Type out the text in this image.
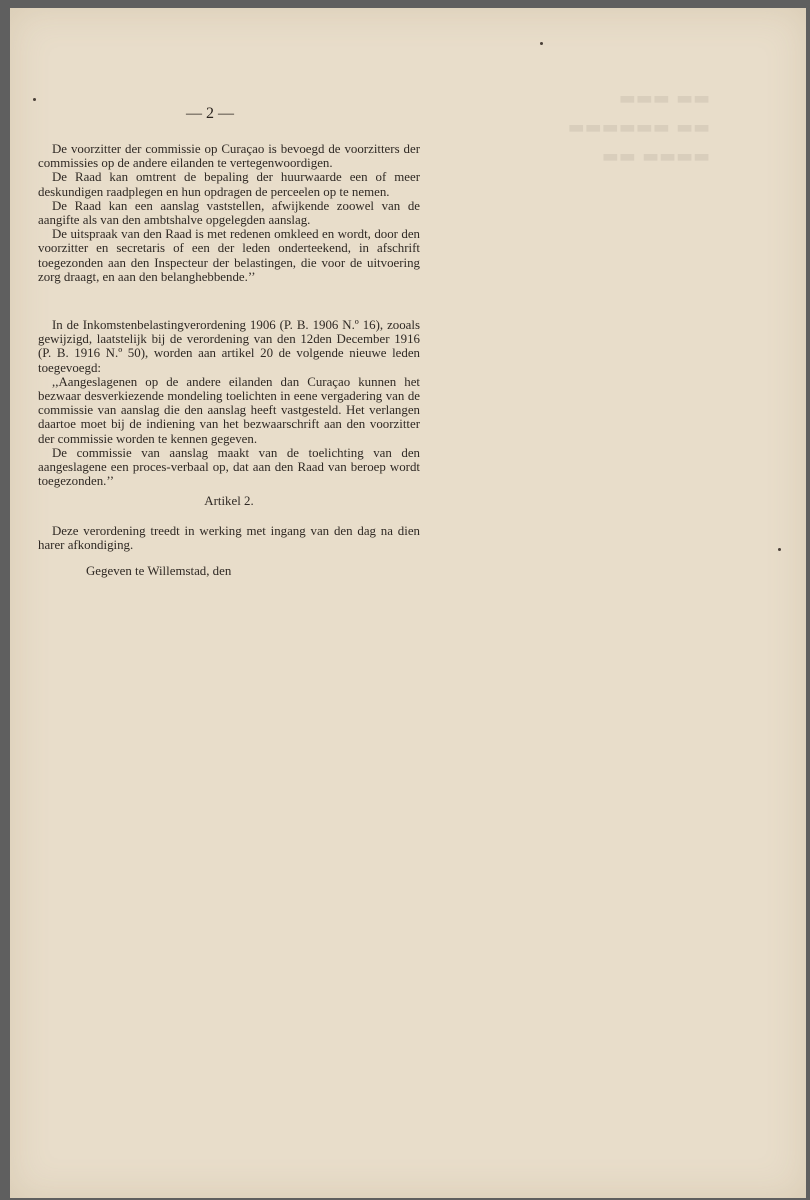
▬▬▬ ▬▬
▬▬▬▬▬▬ ▬▬
▬▬ ▬▬▬▬
— 2 —

De voorzitter der commissie op Curaçao is bevoegd de voorzitters der commissies op de andere eilanden te vertegenwoordigen.

De Raad kan omtrent de bepaling der huurwaarde een of meer deskundigen raadplegen en hun opdragen de perceelen op te nemen.

De Raad kan een aanslag vaststellen, afwijkende zoowel van de aangifte als van den ambtshalve opgelegden aanslag.

De uitspraak van den Raad is met redenen omkleed en wordt, door den voorzitter en secretaris of een der leden onderteekend, in afschrift toegezonden aan den Inspecteur der belastingen, die voor de uitvoering zorg draagt, en aan den belanghebbende.’’

In de Inkomstenbelastingverordening 1906 (P. B. 1906 N.º 16), zooals gewijzigd, laatstelijk bij de verordening van den 12den December 1916 (P. B. 1916 N.º 50), worden aan artikel 20 de volgende nieuwe leden toegevoegd:

,,Aangeslagenen op de andere eilanden dan Curaçao kunnen het bezwaar desverkiezende mondeling toelichten in eene vergadering van de commissie van aanslag die den aanslag heeft vastgesteld. Het verlangen daartoe moet bij de indiening van het bezwaarschrift aan den voorzitter der commissie worden te kennen gegeven.

De commissie van aanslag maakt van de toelichting van den aangeslagene een proces-verbaal op, dat aan den Raad van beroep wordt toegezonden.’’

Artikel 2.

Deze verordening treedt in werking met ingang van den dag na dien harer afkondiging.

Gegeven te Willemstad, den
